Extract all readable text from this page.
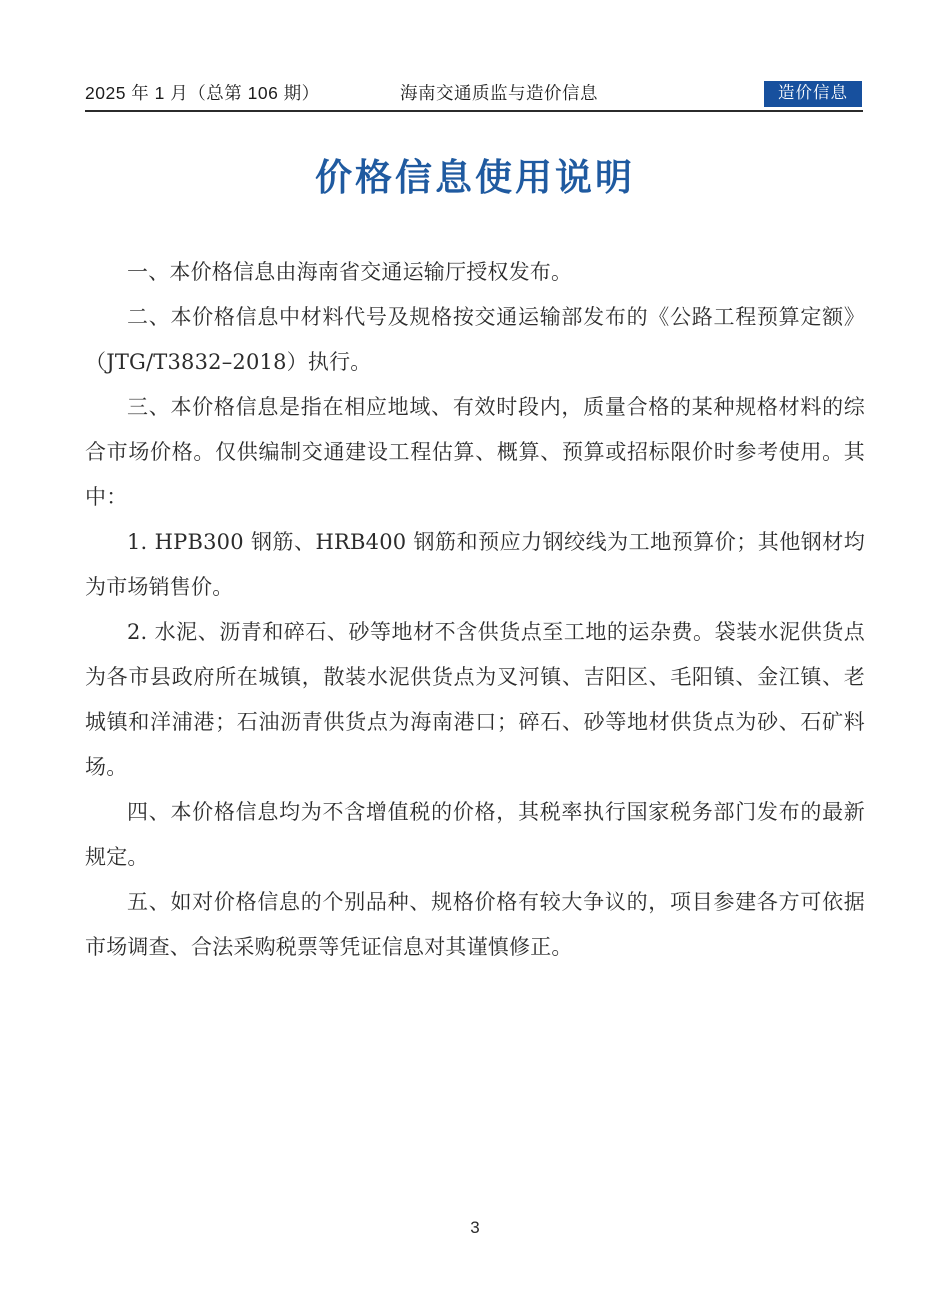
2025 年 1 月（总第 106 期）	海南交通质监与造价信息	造价信息
价格信息使用说明

一、本价格信息由海南省交通运输厅授权发布。

二、本价格信息中材料代号及规格按交通运输部发布的《公路工程预算定额》（JTG/T3832–2018）执行。

三、本价格信息是指在相应地域、有效时段内，质量合格的某种规格材料的综合市场价格。仅供编制交通建设工程估算、概算、预算或招标限价时参考使用。其中：

1. HPB300 钢筋、HRB400 钢筋和预应力钢绞线为工地预算价；其他钢材均为市场销售价。

2. 水泥、沥青和碎石、砂等地材不含供货点至工地的运杂费。袋装水泥供货点为各市县政府所在城镇，散装水泥供货点为叉河镇、吉阳区、毛阳镇、金江镇、老城镇和洋浦港；石油沥青供货点为海南港口；碎石、砂等地材供货点为砂、石矿料场。

四、本价格信息均为不含增值税的价格，其税率执行国家税务部门发布的最新规定。

五、如对价格信息的个别品种、规格价格有较大争议的，项目参建各方可依据市场调查、合法采购税票等凭证信息对其谨慎修正。

3
